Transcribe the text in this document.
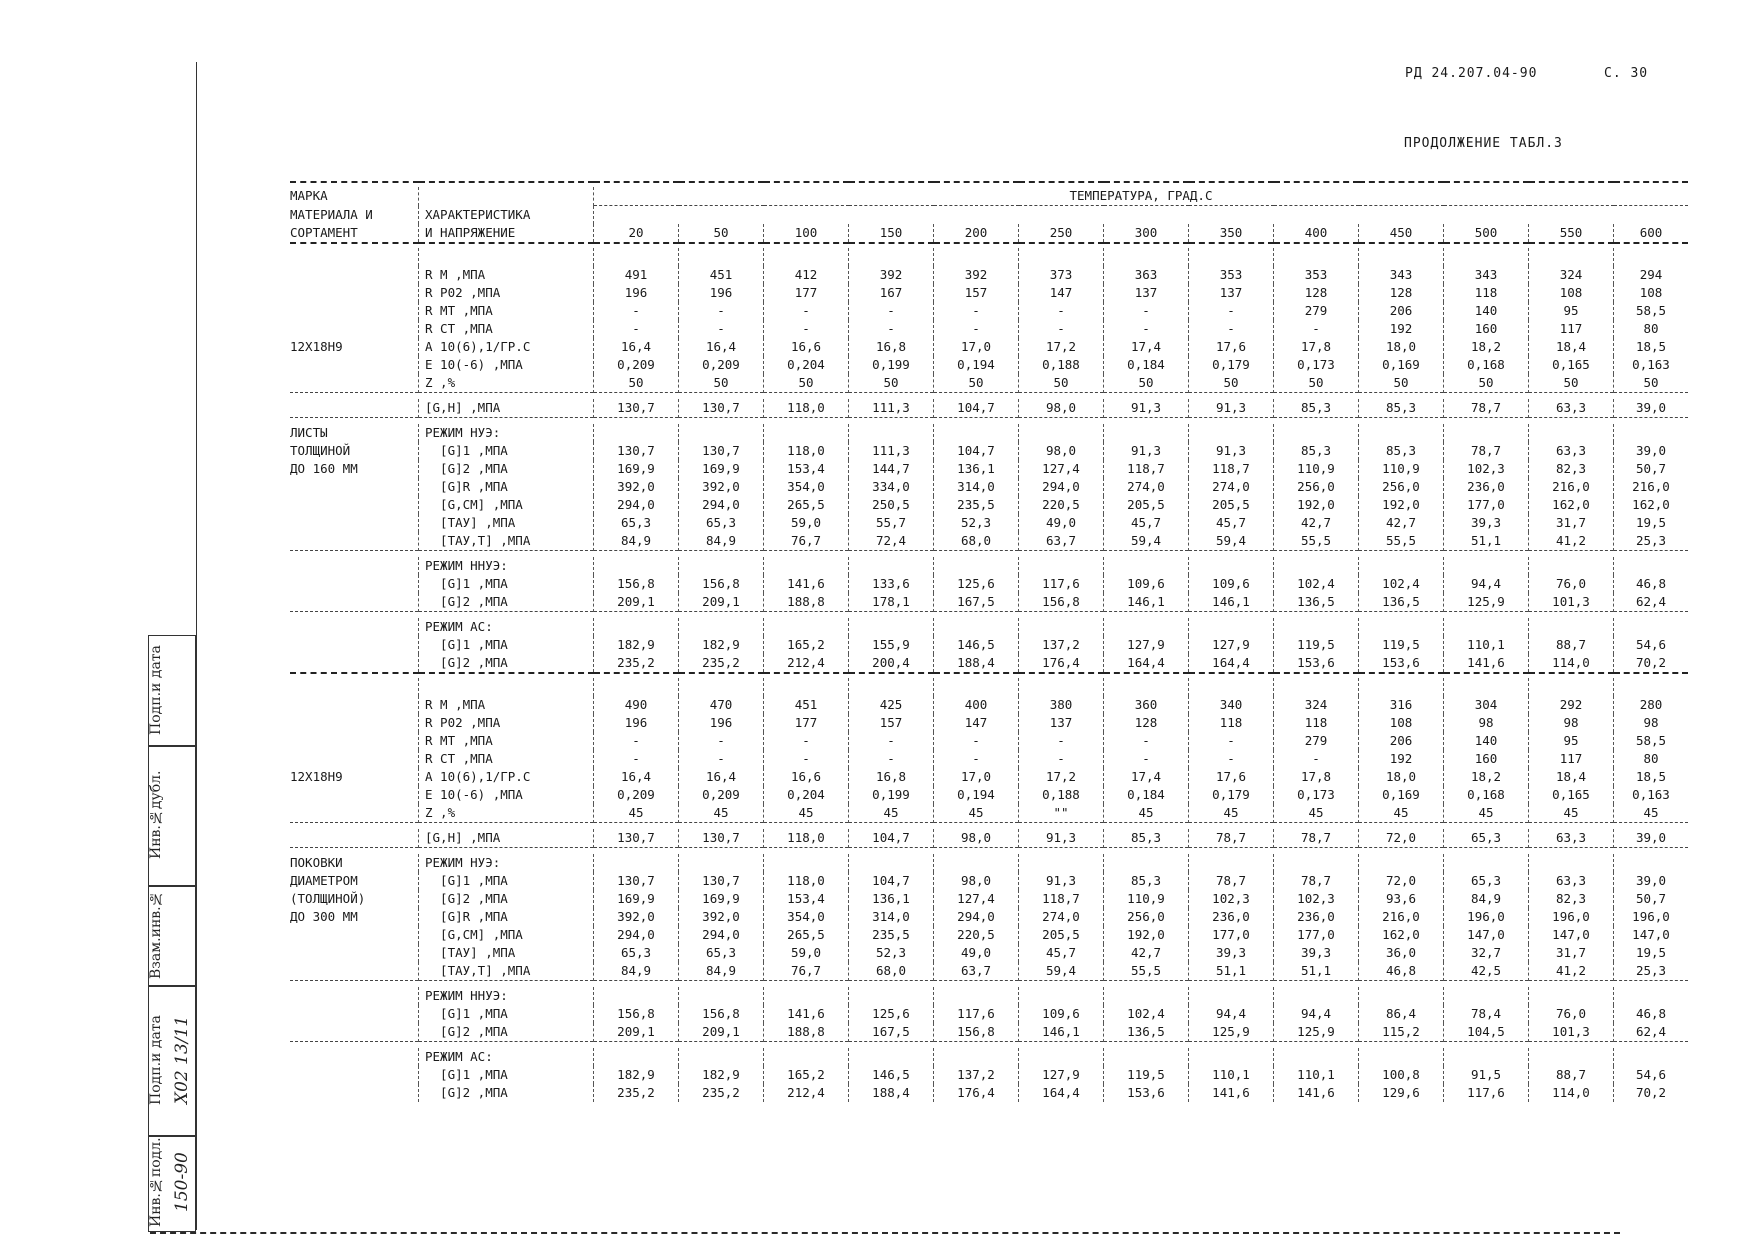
РД 24.207.04-90	С. 30
ПРОДОЛЖЕНИЕ ТАБЛ.3

МАРКА		ТЕМПЕРАТУРА, ГРАД.С												
МАТЕРИАЛА И	ХАРАКТЕРИСТИКА													
СОРТАМЕНТ	И НАПРЯЖЕНИЕ	20	50	100	150	200	250	300	350	400	450	500	550	600

	R M ,МПА	491	451	412	392	392	373	363	353	353	343	343	324	294
	R P02 ,МПА	196	196	177	167	157	147	137	137	128	128	118	108	108
	R MT ,МПА	-	-	-	-	-	-	-	-	279	206	140	95	58,5
	R CT ,МПА	-	-	-	-	-	-	-	-	-	192	160	117	80
12Х18Н9	A 10(6),1/ГР.С	16,4	16,4	16,6	16,8	17,0	17,2	17,4	17,6	17,8	18,0	18,2	18,4	18,5
	E 10(-6) ,МПА	0,209	0,209	0,204	0,199	0,194	0,188	0,184	0,179	0,173	0,169	0,168	0,165	0,163
	Z ,%	50	50	50	50	50	50	50	50	50	50	50	50	50

	[G,H] ,МПА	130,7	130,7	118,0	111,3	104,7	98,0	91,3	91,3	85,3	85,3	78,7	63,3	39,0

ЛИСТЫ	РЕЖИМ НУЭ:													
ТОЛЩИНОЙ	[G]1 ,МПА	130,7	130,7	118,0	111,3	104,7	98,0	91,3	91,3	85,3	85,3	78,7	63,3	39,0
ДО 160 ММ	[G]2 ,МПА	169,9	169,9	153,4	144,7	136,1	127,4	118,7	118,7	110,9	110,9	102,3	82,3	50,7
	[G]R ,МПА	392,0	392,0	354,0	334,0	314,0	294,0	274,0	274,0	256,0	256,0	236,0	216,0	216,0
	[G,CM] ,МПА	294,0	294,0	265,5	250,5	235,5	220,5	205,5	205,5	192,0	192,0	177,0	162,0	162,0
	[ТАУ] ,МПА	65,3	65,3	59,0	55,7	52,3	49,0	45,7	45,7	42,7	42,7	39,3	31,7	19,5
	[ТАУ,Т] ,МПА	84,9	84,9	76,7	72,4	68,0	63,7	59,4	59,4	55,5	55,5	51,1	41,2	25,3

	РЕЖИМ ННУЭ:													
	[G]1 ,МПА	156,8	156,8	141,6	133,6	125,6	117,6	109,6	109,6	102,4	102,4	94,4	76,0	46,8
	[G]2 ,МПА	209,1	209,1	188,8	178,1	167,5	156,8	146,1	146,1	136,5	136,5	125,9	101,3	62,4

	РЕЖИМ АС:													
	[G]1 ,МПА	182,9	182,9	165,2	155,9	146,5	137,2	127,9	127,9	119,5	119,5	110,1	88,7	54,6
	[G]2 ,МПА	235,2	235,2	212,4	200,4	188,4	176,4	164,4	164,4	153,6	153,6	141,6	114,0	70,2

	R M ,МПА	490	470	451	425	400	380	360	340	324	316	304	292	280
	R P02 ,МПА	196	196	177	157	147	137	128	118	118	108	98	98	98
	R MT ,МПА	-	-	-	-	-	-	-	-	279	206	140	95	58,5
	R CT ,МПА	-	-	-	-	-	-	-	-	-	192	160	117	80
12Х18Н9	A 10(6),1/ГР.С	16,4	16,4	16,6	16,8	17,0	17,2	17,4	17,6	17,8	18,0	18,2	18,4	18,5
	E 10(-6) ,МПА	0,209	0,209	0,204	0,199	0,194	0,188	0,184	0,179	0,173	0,169	0,168	0,165	0,163
	Z ,%	45	45	45	45	45	""	45	45	45	45	45	45	45

	[G,H] ,МПА	130,7	130,7	118,0	104,7	98,0	91,3	85,3	78,7	78,7	72,0	65,3	63,3	39,0

ПОКОВКИ	РЕЖИМ НУЭ:													
ДИАМЕТРОМ	[G]1 ,МПА	130,7	130,7	118,0	104,7	98,0	91,3	85,3	78,7	78,7	72,0	65,3	63,3	39,0
(ТОЛЩИНОЙ)	[G]2 ,МПА	169,9	169,9	153,4	136,1	127,4	118,7	110,9	102,3	102,3	93,6	84,9	82,3	50,7
ДО 300 ММ	[G]R ,МПА	392,0	392,0	354,0	314,0	294,0	274,0	256,0	236,0	236,0	216,0	196,0	196,0	196,0
	[G,CM] ,МПА	294,0	294,0	265,5	235,5	220,5	205,5	192,0	177,0	177,0	162,0	147,0	147,0	147,0
	[ТАУ] ,МПА	65,3	65,3	59,0	52,3	49,0	45,7	42,7	39,3	39,3	36,0	32,7	31,7	19,5
	[ТАУ,Т] ,МПА	84,9	84,9	76,7	68,0	63,7	59,4	55,5	51,1	51,1	46,8	42,5	41,2	25,3

	РЕЖИМ ННУЭ:													
	[G]1 ,МПА	156,8	156,8	141,6	125,6	117,6	109,6	102,4	94,4	94,4	86,4	78,4	76,0	46,8
	[G]2 ,МПА	209,1	209,1	188,8	167,5	156,8	146,1	136,5	125,9	125,9	115,2	104,5	101,3	62,4

	РЕЖИМ АС:													
	[G]1 ,МПА	182,9	182,9	165,2	146,5	137,2	127,9	119,5	110,1	110,1	100,8	91,5	88,7	54,6
	[G]2 ,МПА	235,2	235,2	212,4	188,4	176,4	164,4	153,6	141,6	141,6	129,6	117,6	114,0	70,2
Подп.и дата
Инв.№дубл.
Взам.инв.№
Подп.и дата Х02 13/11
Инв.№подл. 150-90
